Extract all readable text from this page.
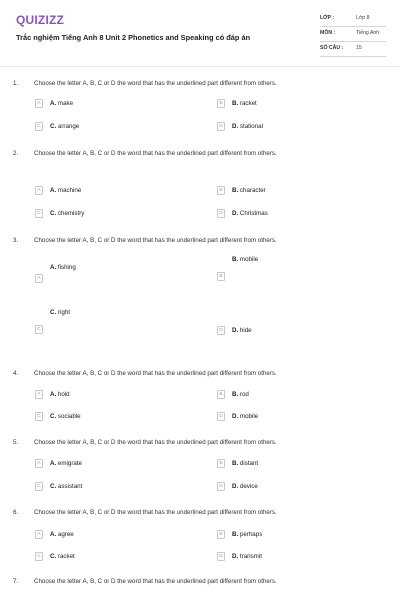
QUIZIZZ
Trắc nghiệm Tiếng Anh 8 Unit 2 Phonetics and Speaking có đáp án
LỚP :	Lớp 8
MÔN :	Tiếng Anh
SỐ CÂU : 15
1.	Choose the letter A, B, C or D the word that has the underlined part different from others.
A	A. make	B	B. racket
C	C. arrange	D	D. stational
2.	Choose the letter A, B, C or D the word that has the underlined part different from others.
A	A. machine	B	B. character
C	C. chemistry	D	D. Christmas
3.	Choose the letter A, B, C or D the word that has the underlined part different from others.
A
A. fishing
B. mobile
B
C. right
C	D	D. hide
4.	Choose the letter A, B, C or D the word that has the underlined part different from others.
A	A. hold	B	B. rod
C	C. sociable	D	D. mobile
5.	Choose the letter A, B, C or D the word that has the underlined part different from others.
A	A. emigrate	B	B. distant
C	C. assistant	D	D. device
6.	Choose the letter A, B, C or D the word that has the underlined part different from others.
A	A. agree	B	B. perhaps
C	C. racket	D	D. transmit
7.	Choose the letter A, B, C or D the word that has the underlined part different from others.
